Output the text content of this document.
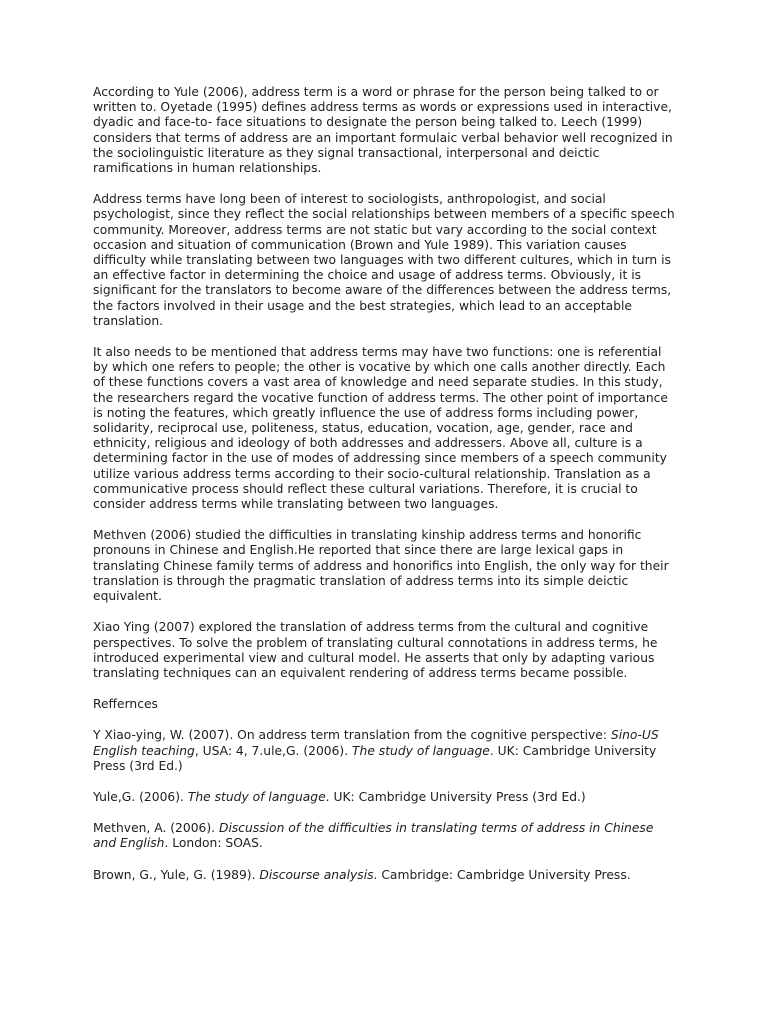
According to Yule (2006), address term is a word or phrase for the person being talked to or written to. Oyetade (1995) defines address terms as words or expressions used in interactive, dyadic and face-to- face situations to designate the person being talked to. Leech (1999) considers that terms of address are an important formulaic verbal behavior well recognized in the sociolinguistic literature as they signal transactional, interpersonal and deictic ramifications in human relationships.

Address terms have long been of interest to sociologists, anthropologist, and social psychologist, since they reflect the social relationships between members of a specific speech community. Moreover, address terms are not static but vary according to the social context occasion and situation of communication (Brown and Yule 1989). This variation causes difficulty while translating between two languages with two different cultures, which in turn is an effective factor in determining the choice and usage of address terms. Obviously, it is significant for the translators to become aware of the differences between the address terms, the factors involved in their usage and the best strategies, which lead to an acceptable translation.

It also needs to be mentioned that address terms may have two functions: one is referential by which one refers to people; the other is vocative by which one calls another directly. Each of these functions covers a vast area of knowledge and need separate studies. In this study, the researchers regard the vocative function of address terms. The other point of importance is noting the features, which greatly influence the use of address forms including power, solidarity, reciprocal use, politeness, status, education, vocation, age, gender, race and ethnicity, religious and ideology of both addresses and addressers. Above all, culture is a determining factor in the use of modes of addressing since members of a speech community utilize various address terms according to their socio-cultural relationship. Translation as a communicative process should reflect these cultural variations. Therefore, it is crucial to consider address terms while translating between two languages.

Methven (2006) studied the difficulties in translating kinship address terms and honorific pronouns in Chinese and English.He reported that since there are large lexical gaps in translating Chinese family terms of address and honorifics into English, the only way for their translation is through the pragmatic translation of address terms into its simple deictic equivalent.

Xiao Ying (2007) explored the translation of address terms from the cultural and cognitive perspectives. To solve the problem of translating cultural connotations in address terms, he introduced experimental view and cultural model. He asserts that only by adapting various translating techniques can an equivalent rendering of address terms became possible.

Reffernces

Y Xiao-ying, W. (2007). On address term translation from the cognitive perspective: Sino-US English teaching, USA: 4, 7.ule,G. (2006). The study of language. UK: Cambridge University Press (3rd Ed.)

Yule,G. (2006). The study of language. UK: Cambridge University Press (3rd Ed.)

Methven, A. (2006). Discussion of the difficulties in translating terms of address in Chinese and English. London: SOAS.

Brown, G., Yule, G. (1989). Discourse analysis. Cambridge: Cambridge University Press.
